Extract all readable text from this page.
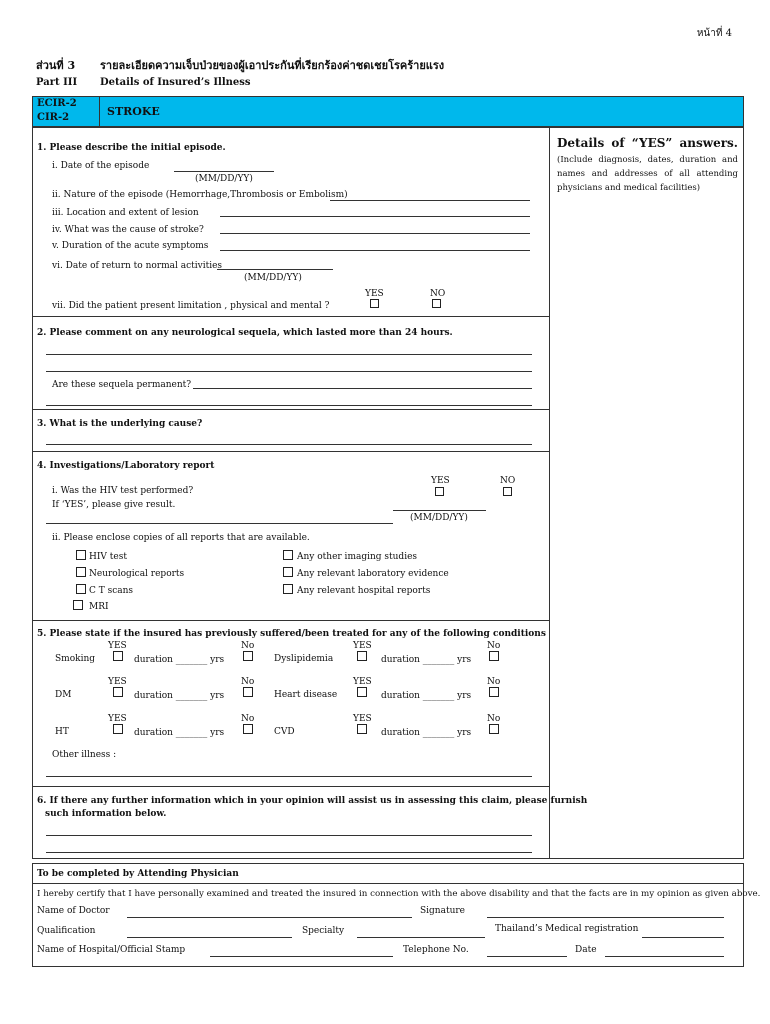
หน้าที่ 4
ส่วนที่ 3 รายละเอียดความเจ็บป่วยของผู้เอาประกันที่เรียกร้องค่าชดเชยโรคร้ายแรง
Part III Details of Insured’s Illness
ECIR-2
CIR-2	STROKE
Details of “YES” answers.
(Include diagnosis, dates, duration and names and addresses of all attending physicians and medical facilities)
1. Please describe the initial episode.
i. Date of the episode
(MM/DD/YY)
ii. Nature of the episode (Hemorrhage,Thrombosis or Embolism)
iii. Location and extent of lesion
iv. What was the cause of stroke?
v. Duration of the acute symptoms
vi. Date of return to normal activities
(MM/DD/YY)
YES	NO
vii. Did the patient present limitation , physical and mental ?
2. Please comment on any neurological sequela, which lasted more than 24 hours.
Are these sequela permanent?
3. What is the underlying cause?
4. Investigations/Laboratory report
YES	NO
i. Was the HIV test performed?
If ‘YES’, please give result.
(MM/DD/YY)
ii. Please enclose copies of all reports that are available.
HIV test
Neurological reports
C T scans
MRI
Any other imaging studies
Any relevant laboratory evidence
Any relevant hospital reports
5. Please state if the insured has previously suffered/been treated for any of the following conditions
YES	No
Smoking	duration _______ yrs
YES	No
Dyslipidemia	duration _______ yrs
YES	No
DM	duration _______ yrs
YES	No
Heart disease	duration _______ yrs
YES	No
HT	duration _______ yrs
YES	No
CVD	duration _______ yrs
Other illness :
6. If there any further information which in your opinion will assist us in assessing this claim, please furnish
such information below.
To be completed by Attending Physician
I hereby certify that I have personally examined and treated the insured in connection with the above disability and that the facts are in my opinion as given above.
Name of Doctor	Signature
Qualification	Specialty	Thailand’s Medical registration
Name of Hospital/Official Stamp	Telephone No.	Date
